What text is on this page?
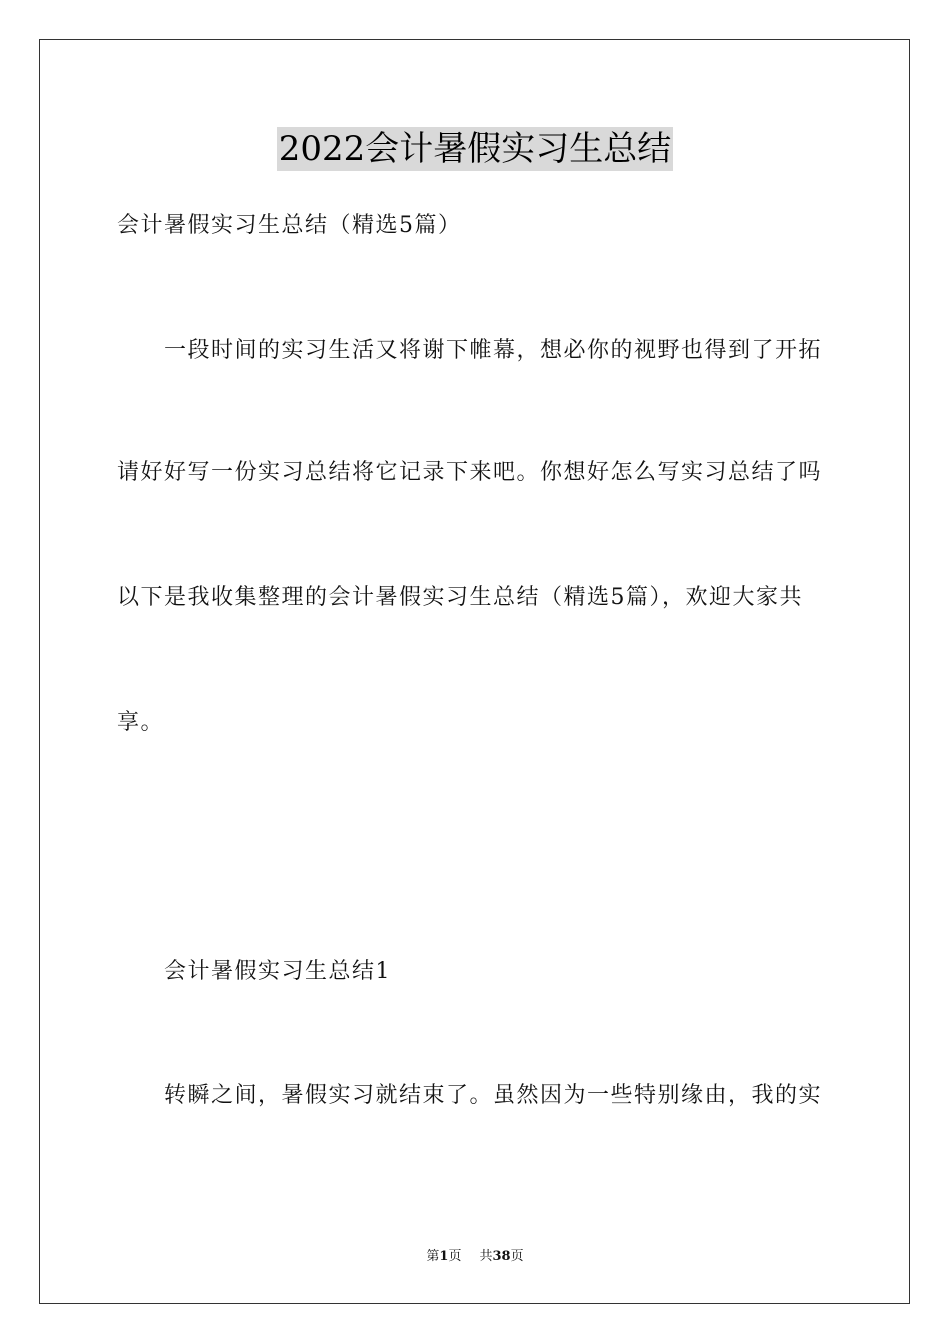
2022会计暑假实习生总结
会计暑假实习生总结（精选5篇）
一段时间的实习生活又将谢下帷幕，想必你的视野也得到了开拓
请好好写一份实习总结将它记录下来吧。你想好怎么写实习总结了吗
以下是我收集整理的会计暑假实习生总结（精选5篇），欢迎大家共
享。
会计暑假实习生总结1
转瞬之间，暑假实习就结束了。虽然因为一些特别缘由，我的实
第1页 共38页
